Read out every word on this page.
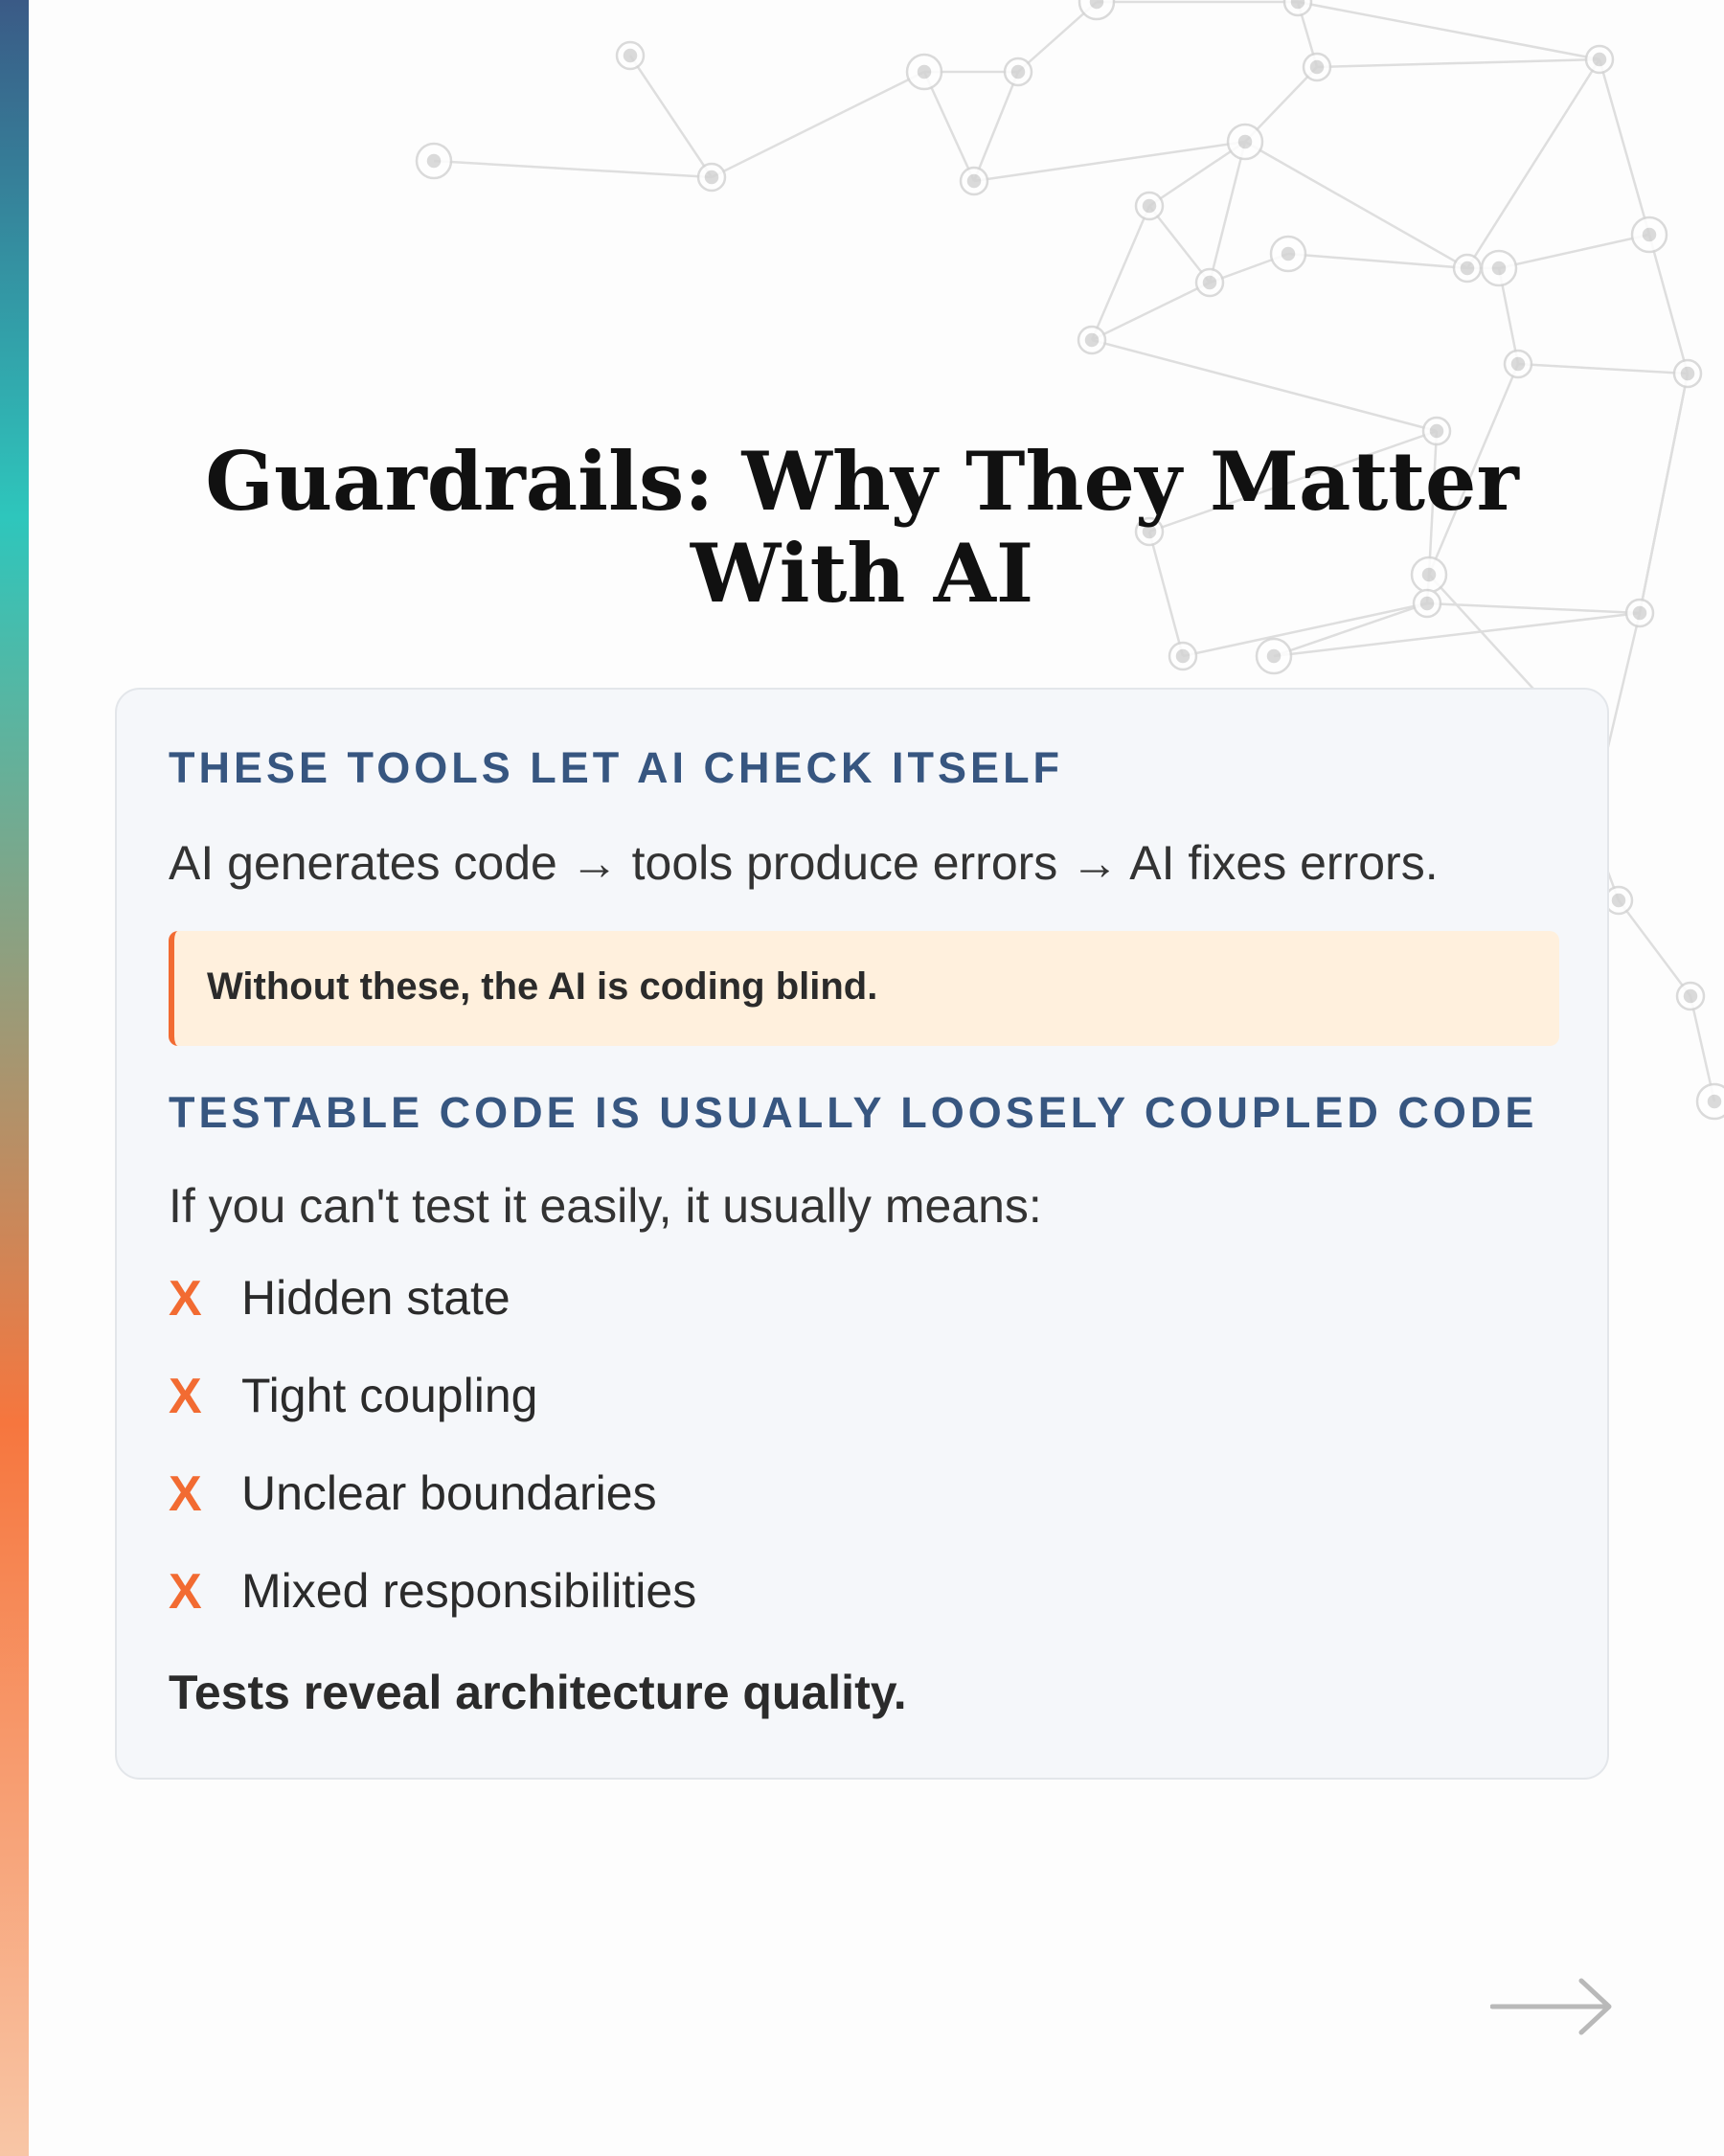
Guardrails: Why They Matter With AI
THESE TOOLS LET AI CHECK ITSELF
AI generates code → tools produce errors → AI fixes errors.
Without these, the AI is coding blind.
TESTABLE CODE IS USUALLY LOOSELY COUPLED CODE
If you can't test it easily, it usually means:
X Hidden state
X Tight coupling
X Unclear boundaries
X Mixed responsibilities
Tests reveal architecture quality.
